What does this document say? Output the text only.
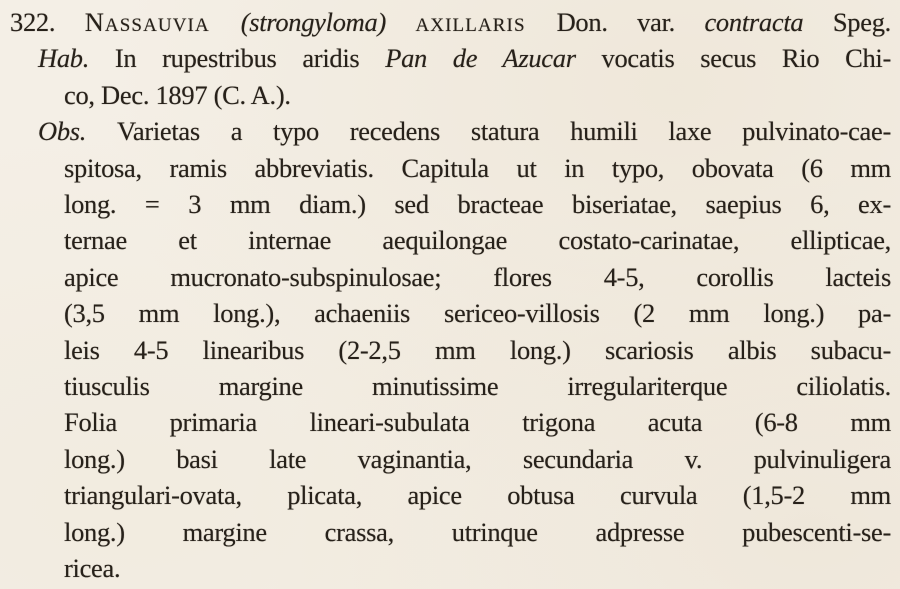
322. Nassauvia (strongyloma) axillaris Don. var. contracta Speg.
Hab. In rupestribus aridis Pan de Azucar vocatis secus Rio Chi-
co, Dec. 1897 (C. A.).
Obs. Varietas a typo recedens statura humili laxe pulvinato-cae-
spitosa, ramis abbreviatis. Capitula ut in typo, obovata (6 mm
long. = 3 mm diam.) sed bracteae biseriatae, saepius 6, ex-
ternae et internae aequilongae costato-carinatae, ellipticae,
apice mucronato-subspinulosae; flores 4-5, corollis lacteis
(3,5 mm long.), achaeniis sericeo-villosis (2 mm long.) pa-
leis 4-5 linearibus (2-2,5 mm long.) scariosis albis subacu-
tiusculis margine minutissime irregulariterque ciliolatis.
Folia primaria lineari-subulata trigona acuta (6-8 mm
long.) basi late vaginantia, secundaria v. pulvinuligera
triangulari-ovata, plicata, apice obtusa curvula (1,5-2 mm
long.) margine crassa, utrinque adpresse pubescenti-se-
ricea.
